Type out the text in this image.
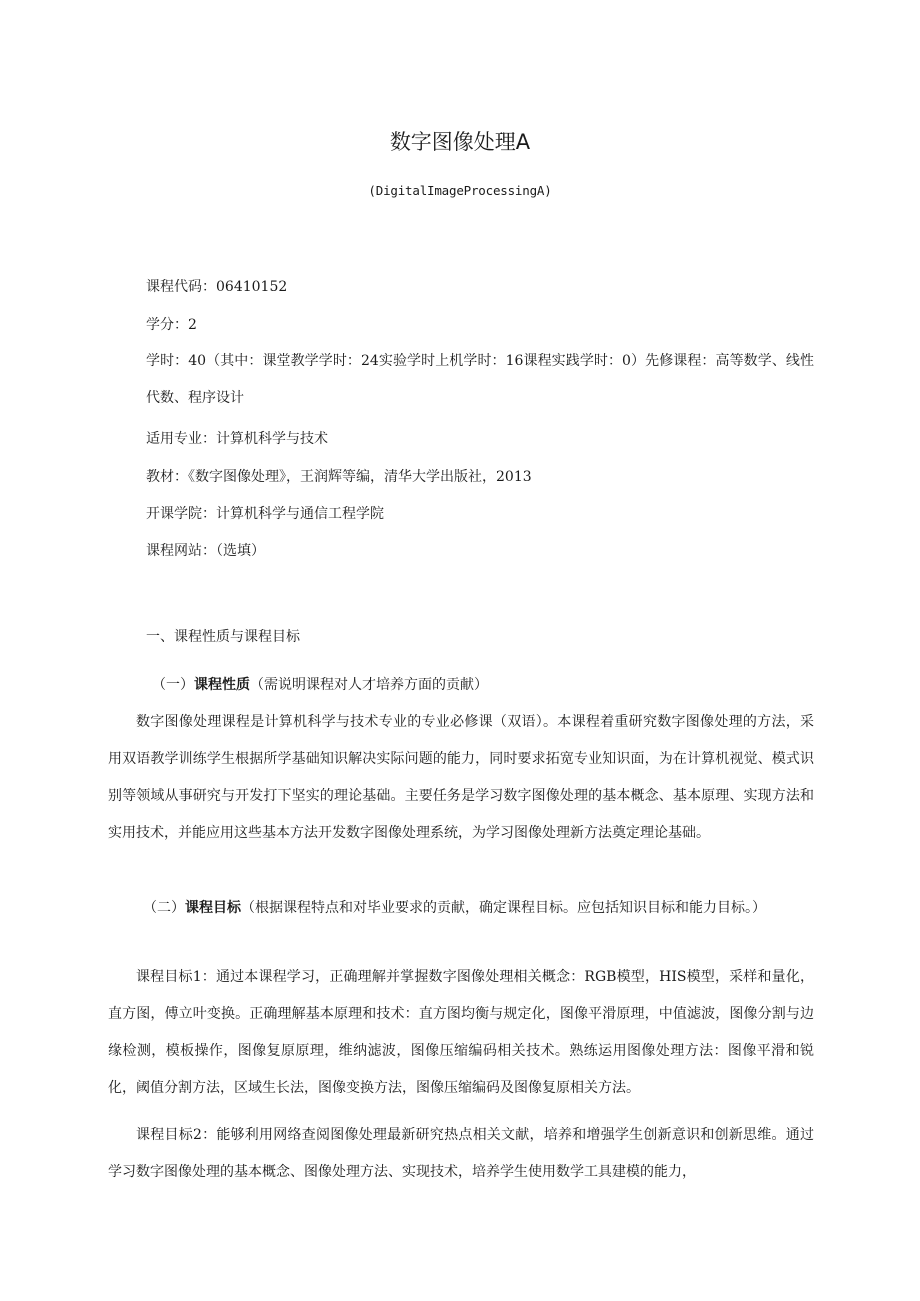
数字图像处理A
(DigitalImageProcessingA)
课程代码：06410152
学分：2
学时：40（其中：课堂教学学时：24实验学时上机学时：16课程实践学时：0）先修课程：高等数学、线性代数、程序设计
适用专业：计算机科学与技术
教材：《数字图像处理》，王润辉等编，清华大学出版社，2013
开课学院：计算机科学与通信工程学院
课程网站：（选填）
一、课程性质与课程目标
（一）课程性质（需说明课程对人才培养方面的贡献）
数字图像处理课程是计算机科学与技术专业的专业必修课（双语）。本课程着重研究数字图像处理的方法，采用双语教学训练学生根据所学基础知识解决实际问题的能力，同时要求拓宽专业知识面，为在计算机视觉、模式识别等领域从事研究与开发打下坚实的理论基础。主要任务是学习数字图像处理的基本概念、基本原理、实现方法和实用技术，并能应用这些基本方法开发数字图像处理系统，为学习图像处理新方法奠定理论基础。
（二）课程目标（根据课程特点和对毕业要求的贡献，确定课程目标。应包括知识目标和能力目标。）
课程目标1：通过本课程学习，正确理解并掌握数字图像处理相关概念：RGB模型，HIS模型，采样和量化，直方图，傅立叶变换。正确理解基本原理和技术：直方图均衡与规定化，图像平滑原理，中值滤波，图像分割与边缘检测，模板操作，图像复原原理，维纳滤波，图像压缩编码相关技术。熟练运用图像处理方法：图像平滑和锐化，阈值分割方法，区域生长法，图像变换方法，图像压缩编码及图像复原相关方法。
课程目标2：能够利用网络查阅图像处理最新研究热点相关文献，培养和增强学生创新意识和创新思维。通过学习数字图像处理的基本概念、图像处理方法、实现技术，培养学生使用数学工具建模的能力，
